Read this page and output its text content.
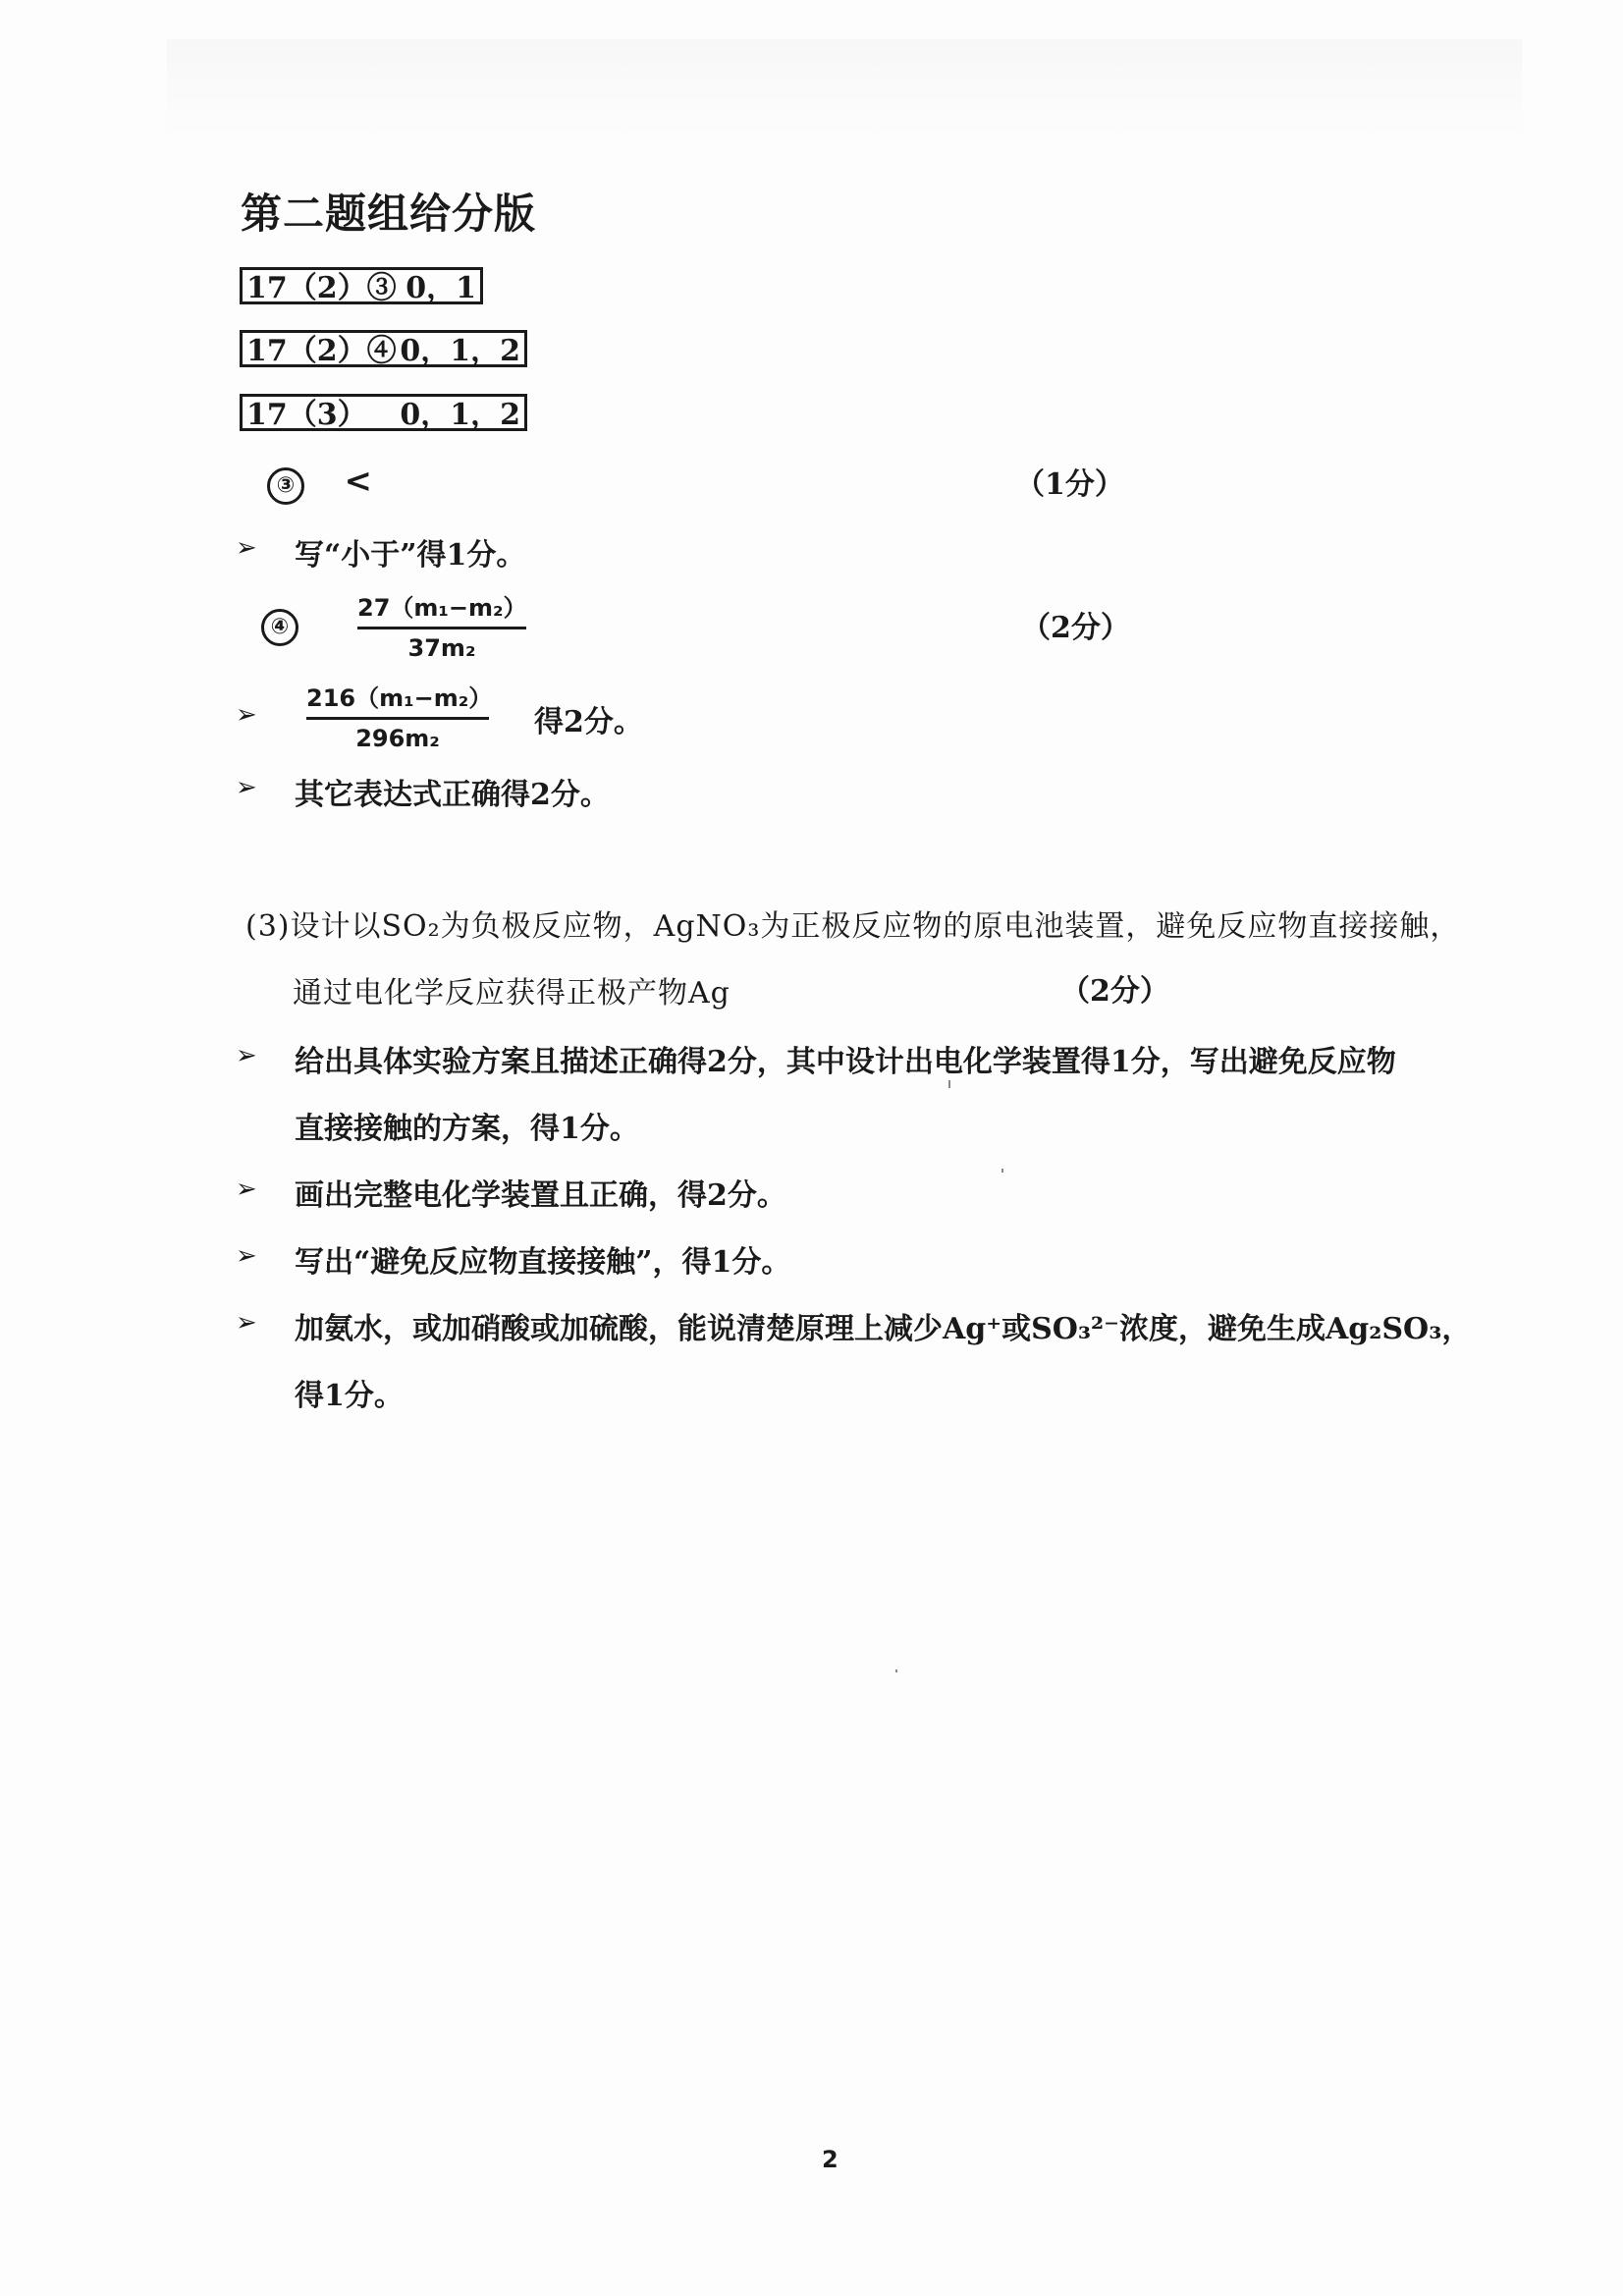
第二题组给分版
17（2）③ 0，1
17（2）④ 0，1，2
17（3） 0，1，2
③ <	（1分）
➢ 写“小于”得1分。
④
27（m₁−m₂）
37m₂
（2分）
➢
216（m₁−m₂）
296m₂	得2分。
➢ 其它表达式正确得2分。
(3)设计以SO₂为负极反应物，AgNO₃为正极反应物的原电池装置，避免反应物直接接触，
通过电化学反应获得正极产物Ag	（2分）
➢ 给出具体实验方案且描述正确得2分，其中设计出电化学装置得1分，写出避免反应物
直接接触的方案，得1分。
➢ 画出完整电化学装置且正确，得2分。
➢ 写出“避免反应物直接接触”，得1分。
➢ 加氨水，或加硝酸或加硫酸，能说清楚原理上减少Ag⁺或SO₃²⁻浓度，避免生成Ag₂SO₃，
得1分。
2
